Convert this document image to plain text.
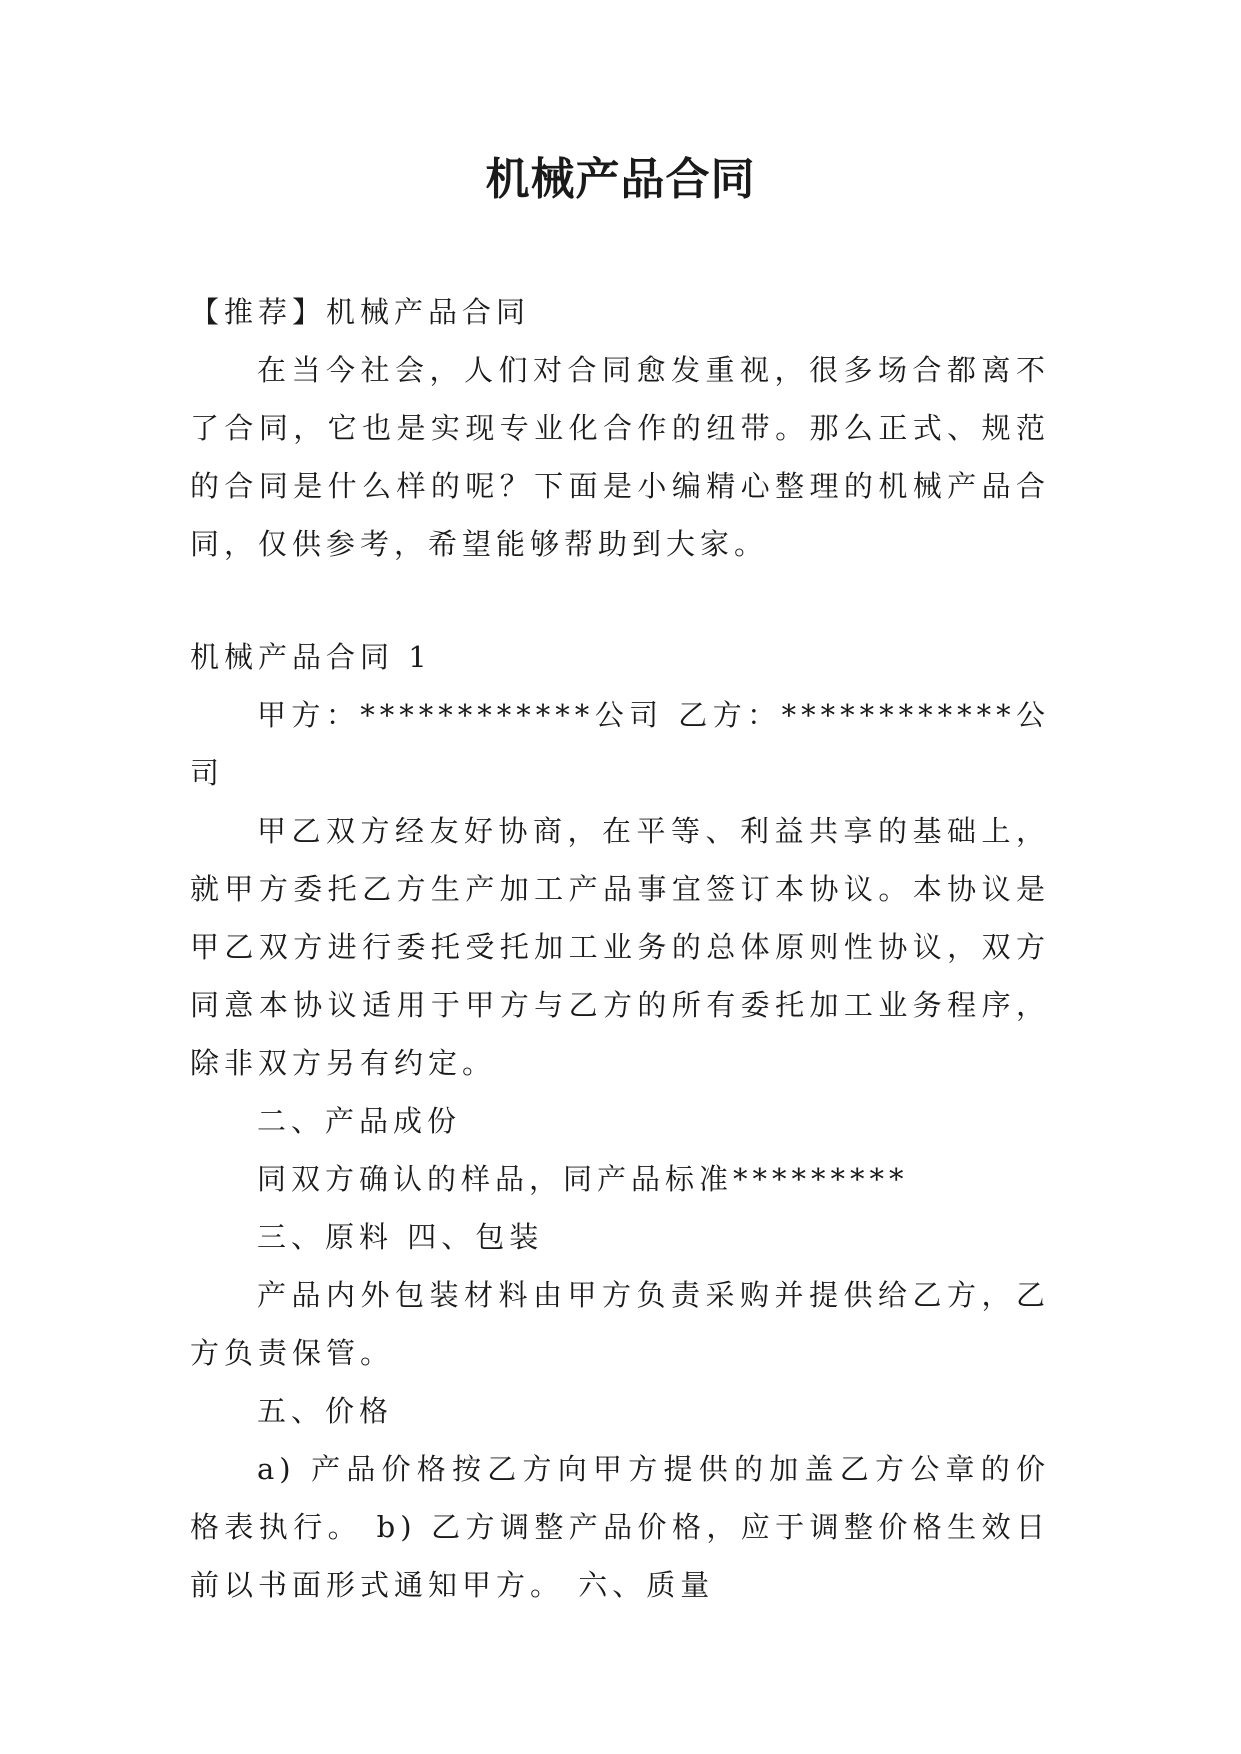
机械产品合同

【推荐】机械产品合同

在当今社会，人们对合同愈发重视，很多场合都离不了合同，它也是实现专业化合作的纽带。那么正式、规范的合同是什么样的呢？下面是小编精心整理的机械产品合同，仅供参考，希望能够帮助到大家。

机械产品合同 1

甲方：************公司 乙方：************公司

甲乙双方经友好协商，在平等、利益共享的基础上，就甲方委托乙方生产加工产品事宜签订本协议。本协议是甲乙双方进行委托受托加工业务的总体原则性协议，双方同意本协议适用于甲方与乙方的所有委托加工业务程序，除非双方另有约定。

二、产品成份

同双方确认的样品，同产品标准*********

三、原料 四、包装

产品内外包装材料由甲方负责采购并提供给乙方，乙方负责保管。

五、价格

a) 产品价格按乙方向甲方提供的加盖乙方公章的价格表执行。 b) 乙方调整产品价格，应于调整价格生效日前以书面形式通知甲方。 六、质量
